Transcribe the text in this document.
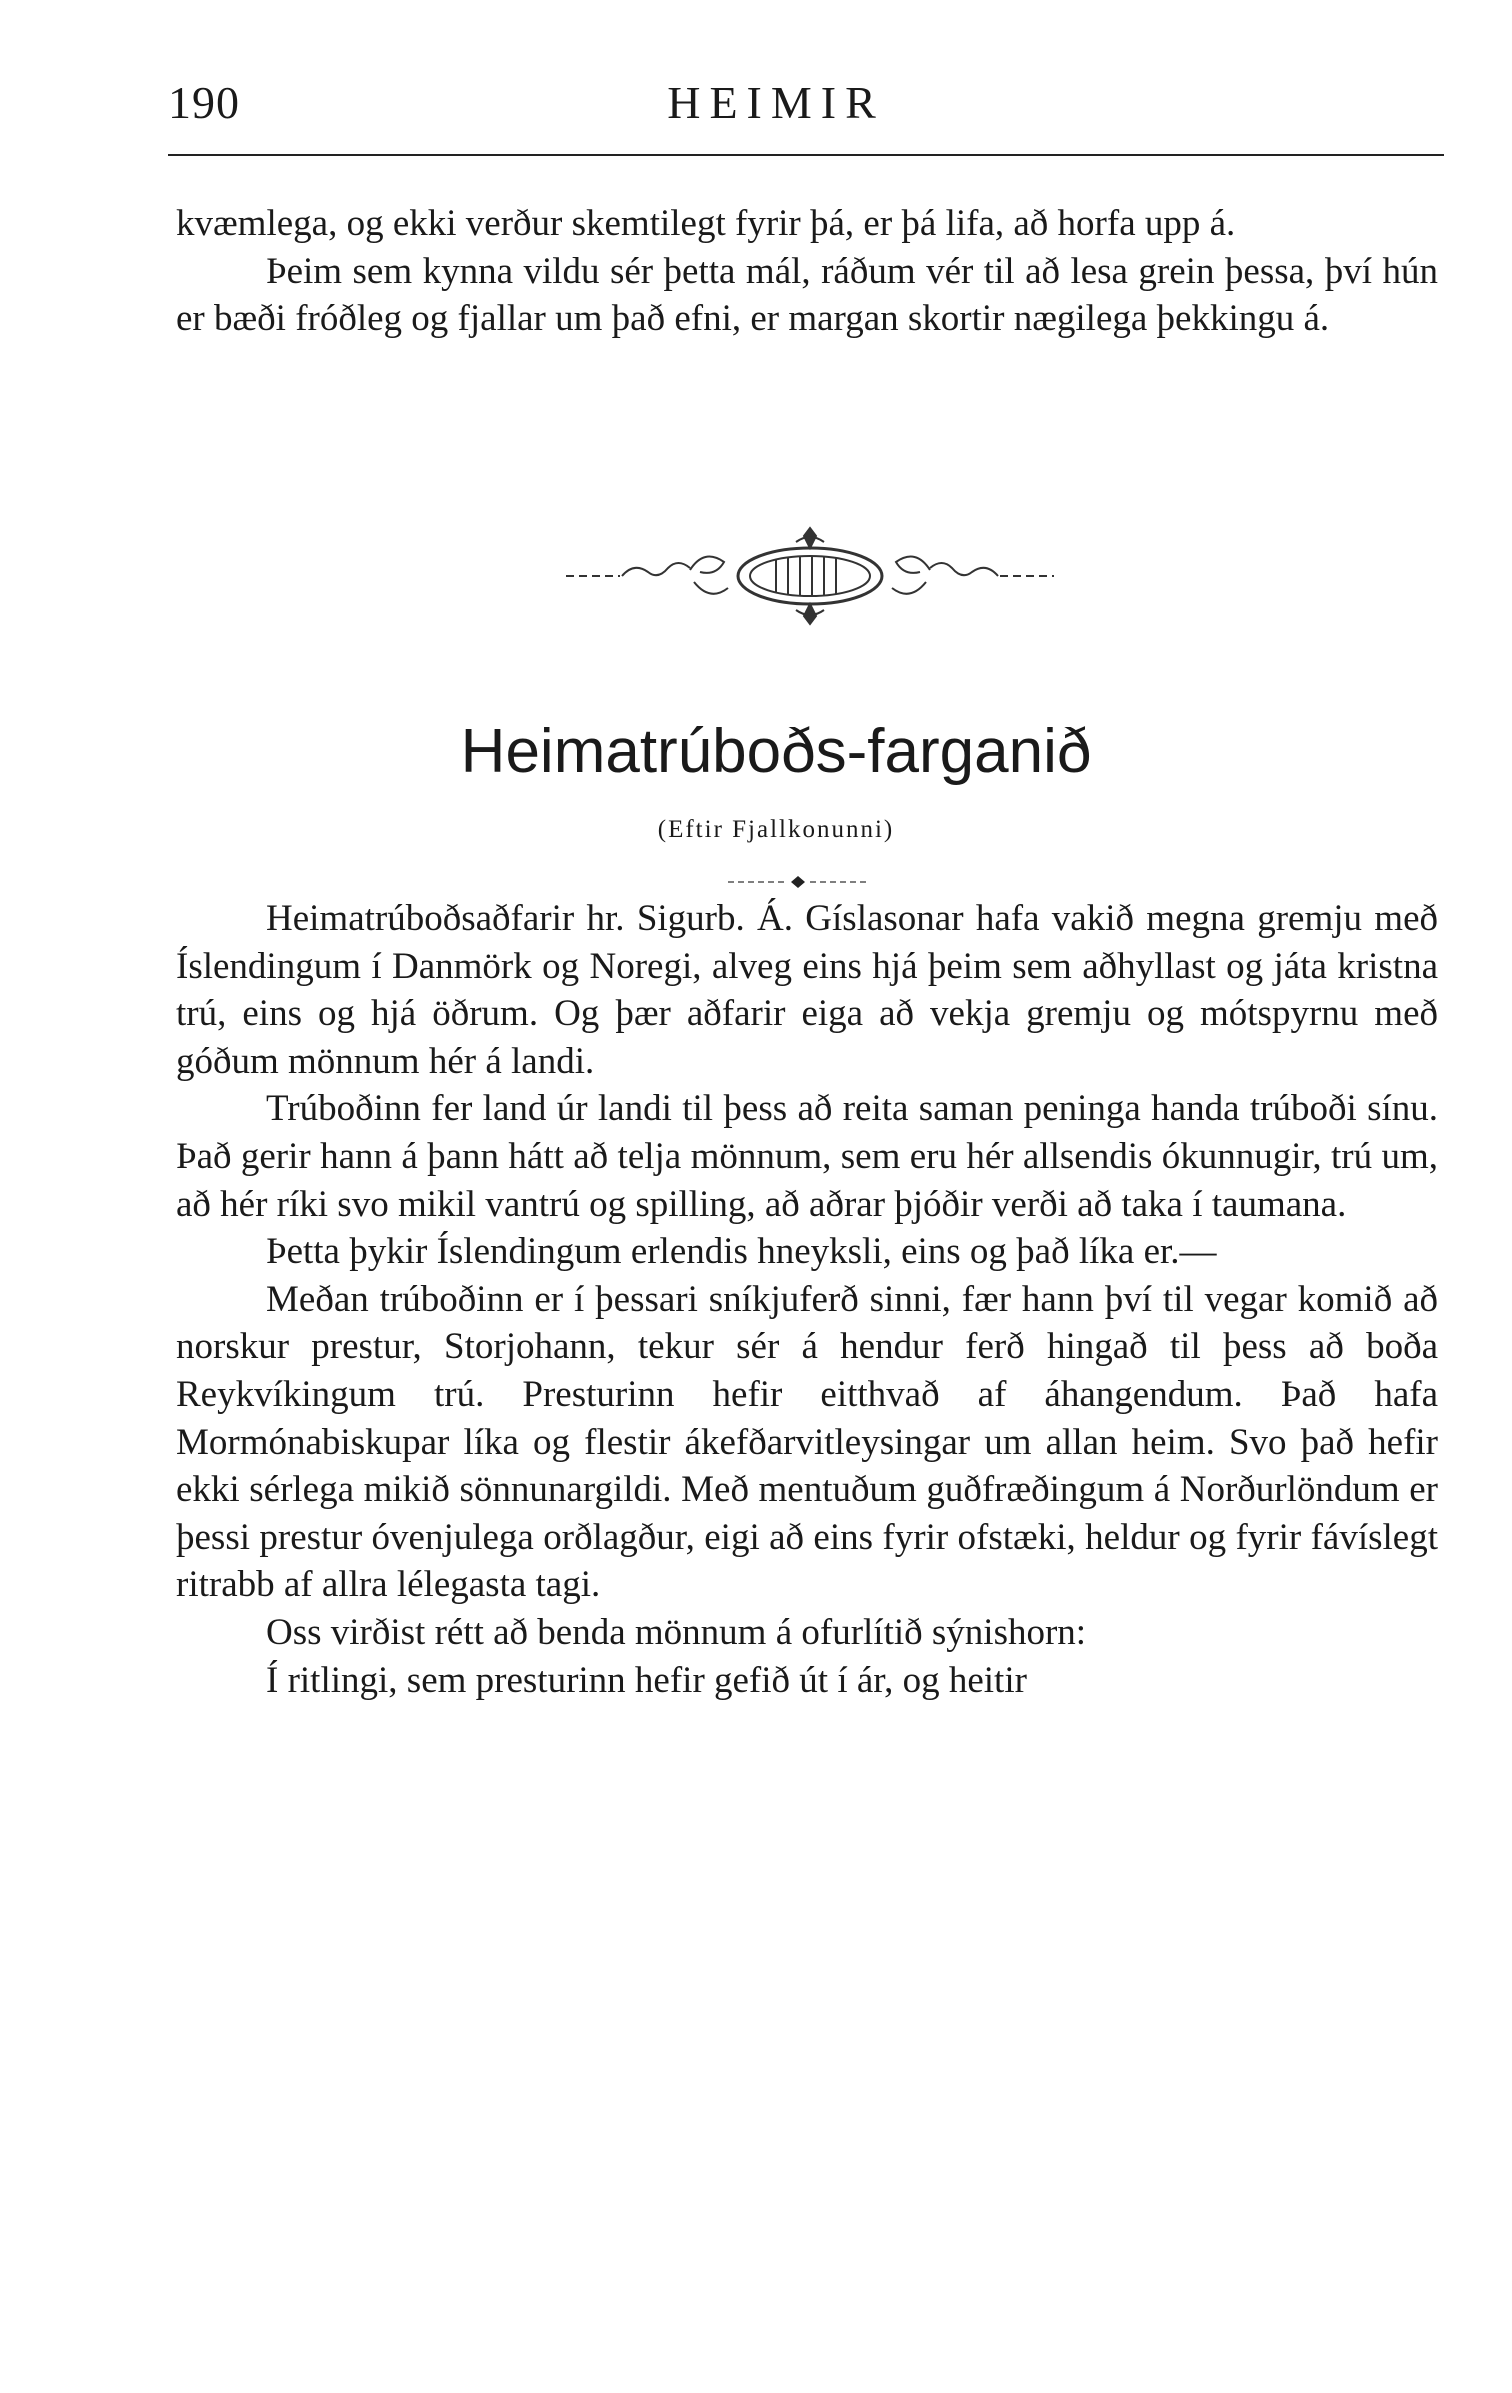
190	HEIMIR

kvæmlega, og ekki verður skemtilegt fyrir þá, er þá lifa, að horfa upp á.

Þeim sem kynna vildu sér þetta mál, ráðum vér til að lesa grein þessa, því hún er bæði fróðleg og fjallar um það efni, er margan skortir nægilega þekkingu á.

Heimatrúboðs-farganið
(Eftir Fjallkonunni)

Heimatrúboðsaðfarir hr. Sigurb. Á. Gíslasonar hafa vakið megna gremju með Íslendingum í Danmörk og Noregi, alveg eins hjá þeim sem aðhyllast og játa kristna trú, eins og hjá öðrum. Og þær aðfarir eiga að vekja gremju og mótspyrnu með góðum mönnum hér á landi.

Trúboðinn fer land úr landi til þess að reita saman peninga handa trúboði sínu. Það gerir hann á þann hátt að telja mönnum, sem eru hér allsendis ókunnugir, trú um, að hér ríki svo mikil vantrú og spilling, að aðrar þjóðir verði að taka í taumana.

Þetta þykir Íslendingum erlendis hneyksli, eins og það líka er.—

Meðan trúboðinn er í þessari sníkjuferð sinni, fær hann því til vegar komið að norskur prestur, Storjohann, tekur sér á hendur ferð hingað til þess að boða Reykvíkingum trú. Presturinn hefir eitthvað af áhangendum. Það hafa Mormónabiskupar líka og flestir ákefðarvitleysingar um allan heim. Svo það hefir ekki sérlega mikið sönnunargildi. Með mentuðum guðfræðingum á Norðurlöndum er þessi prestur óvenjulega orðlagður, eigi að eins fyrir ofstæki, heldur og fyrir fávíslegt ritrabb af allra lélegasta tagi.

Oss virðist rétt að benda mönnum á ofurlítið sýnishorn:

Í ritlingi, sem presturinn hefir gefið út í ár, og heitir
